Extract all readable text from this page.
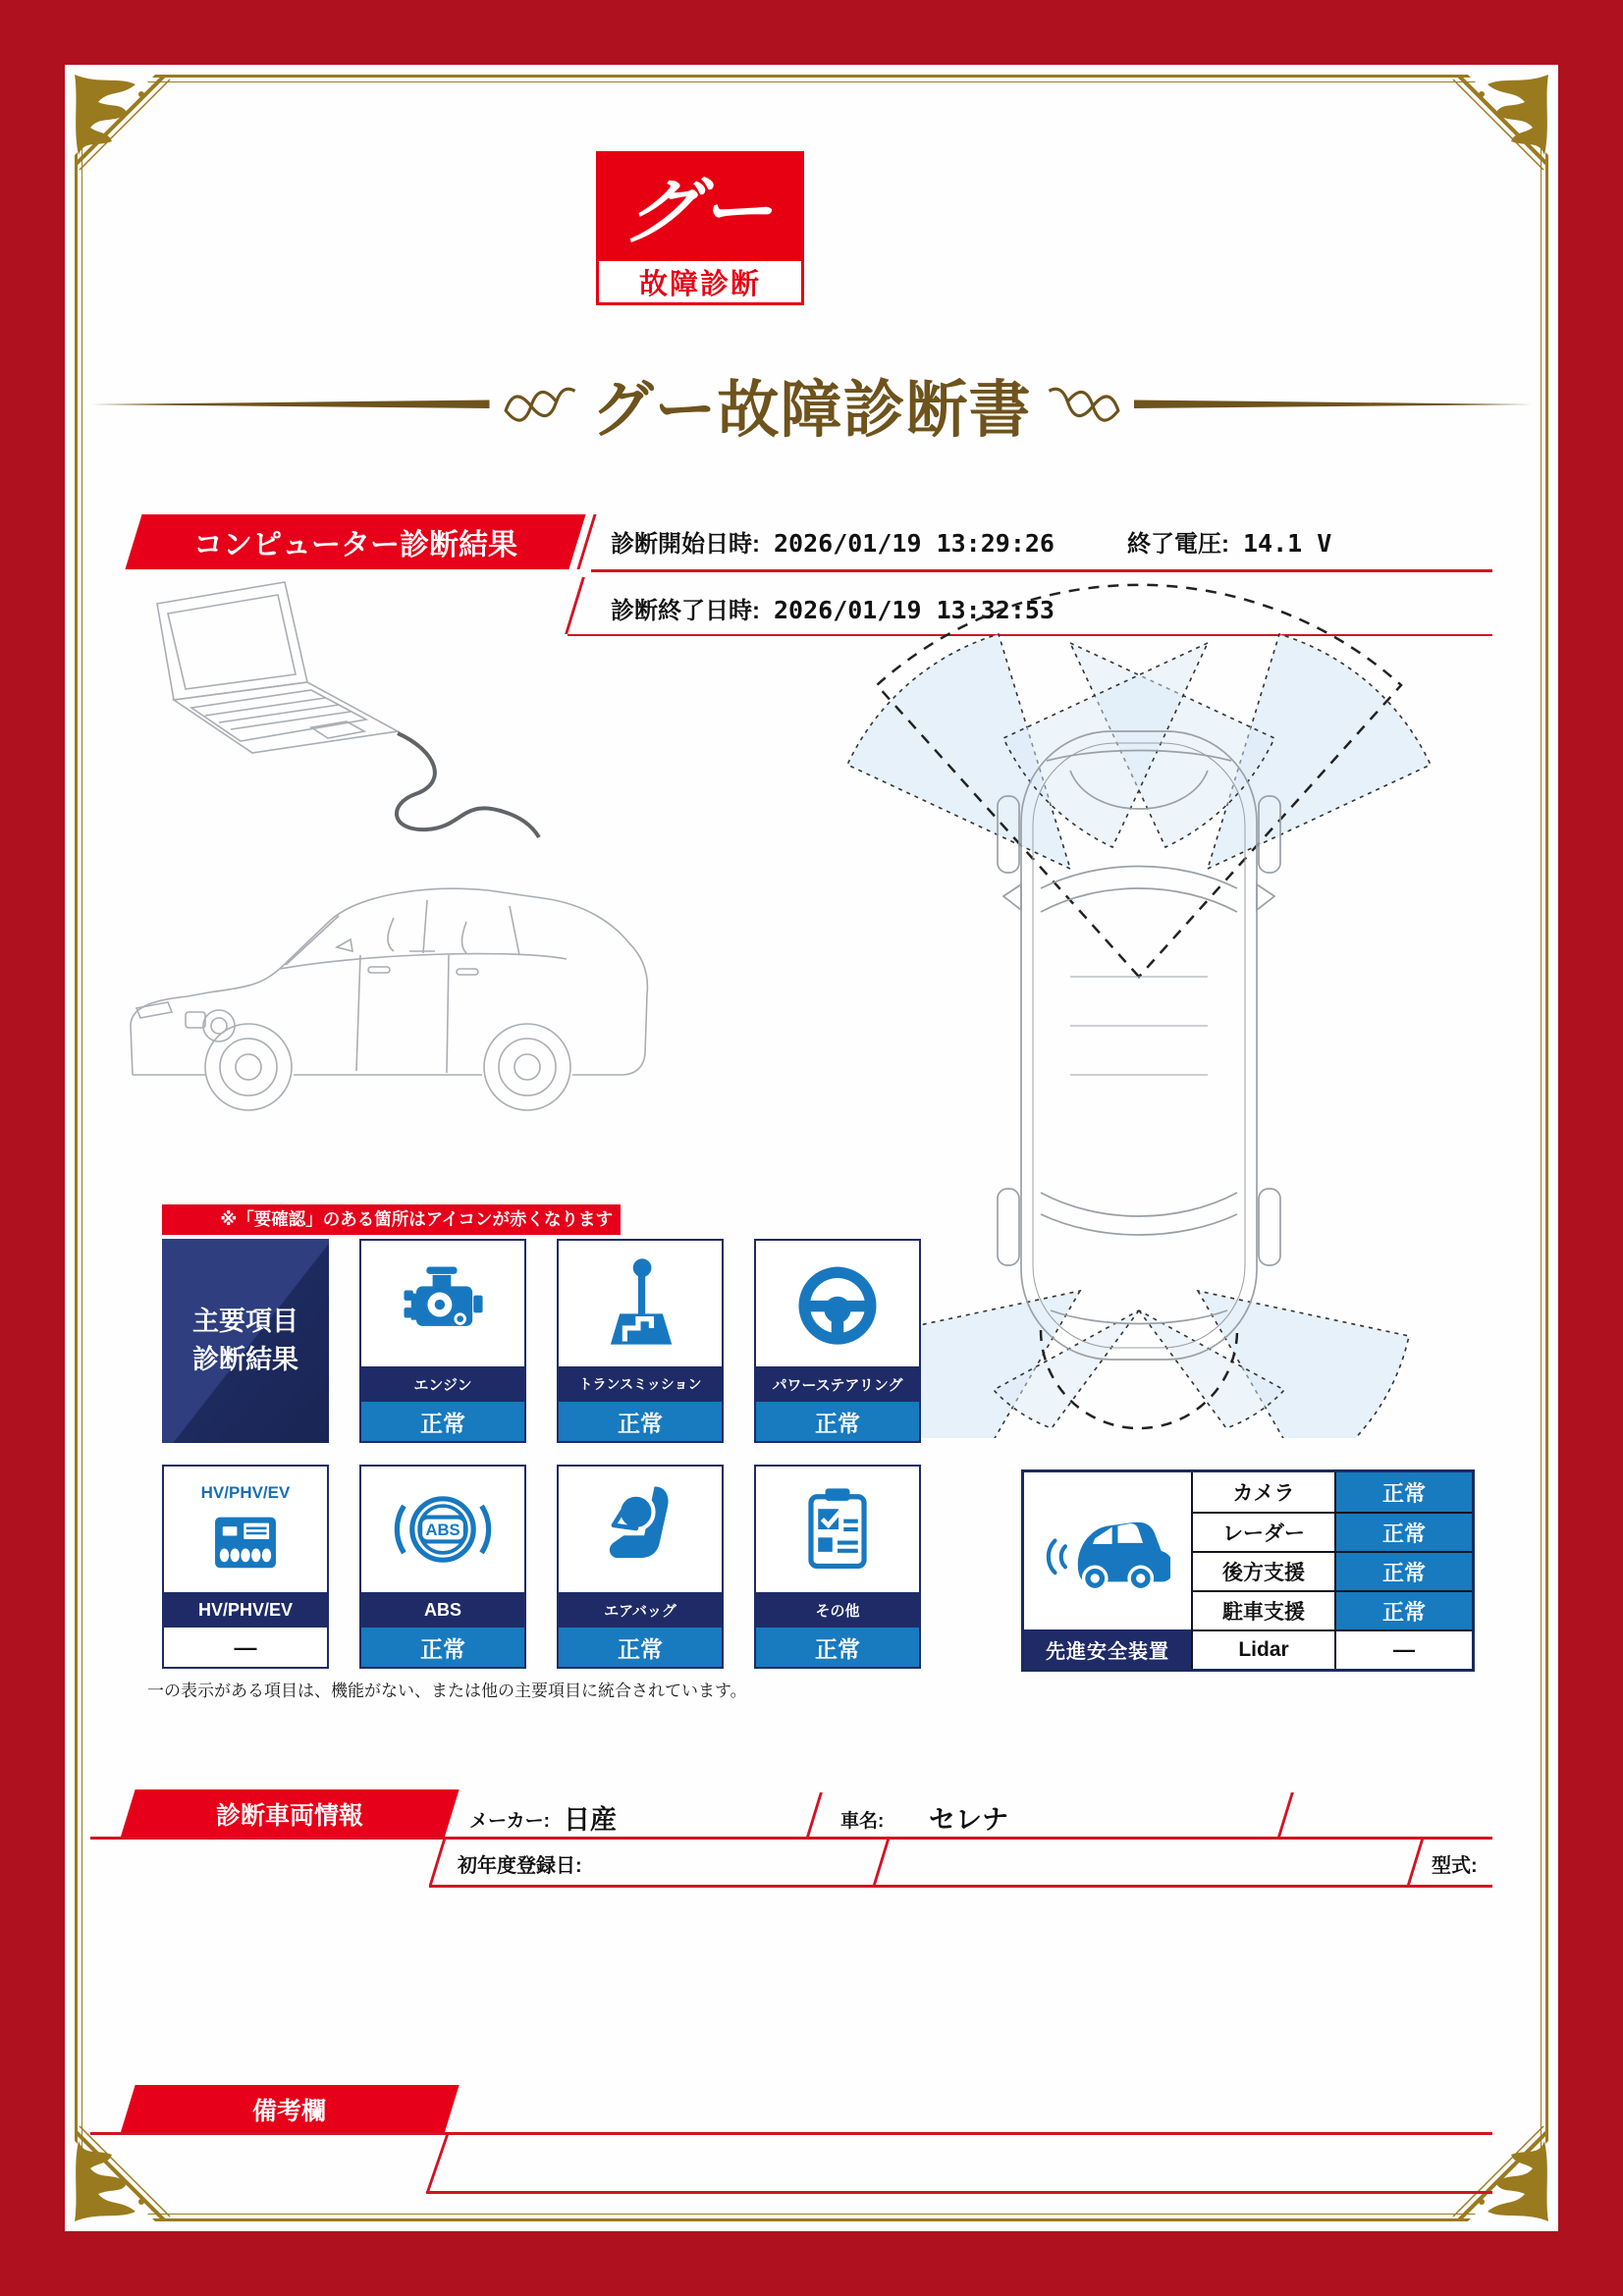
グー
故障診断
グー故障診断書
コンピューター診断結果	診断開始日時: 2026/01/19 13:29:26	終了電圧: 14.1 V
診断終了日時: 2026/01/19 13:32:53
※「要確認」のある箇所はアイコンが赤くなります
主要項目
診断結果
エンジン
正常
トランスミッション
正常
パワーステアリング
正常
HV/PHV/EV
HV/PHV/EV
—
ABS
ABS
正常
エアバッグ
正常
その他
正常
一の表示がある項目は、機能がない、または他の主要項目に統合されています。
先進安全装置
カメラ	正常
レーダー	正常
後方支援	正常
駐車支援	正常
Lidar	—
診断車両情報	メーカー: 日産	車名: セレナ
初年度登録日:	型式:
備考欄
